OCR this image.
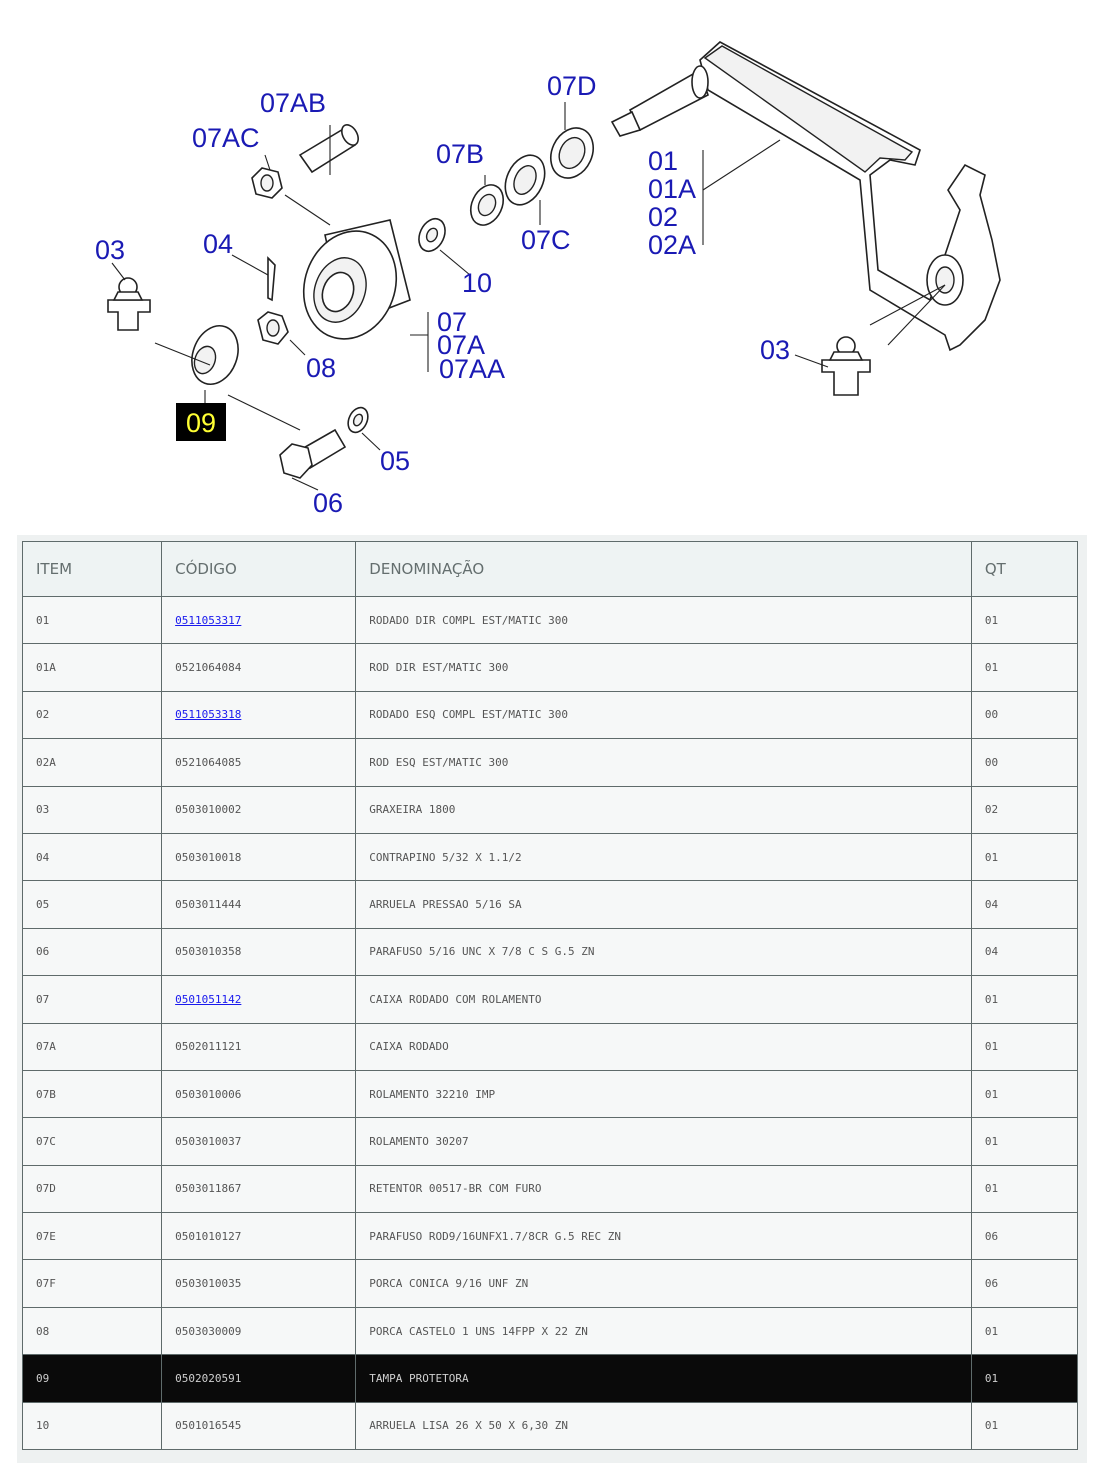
01
01A
02
02A
03
03
04
05
06
07
07A
07AA
07AB
07AC
07B
07C
07D
08
09
10
ITEM	CÓDIGO	DENOMINAÇÃO	QT
01	0511053317	RODADO DIR COMPL EST/MATIC 300	01
01A	0521064084	ROD DIR EST/MATIC 300	01
02	0511053318	RODADO ESQ COMPL EST/MATIC 300	00
02A	0521064085	ROD ESQ EST/MATIC 300	00
03	0503010002	GRAXEIRA 1800	02
04	0503010018	CONTRAPINO 5/32 X 1.1/2	01
05	0503011444	ARRUELA PRESSAO 5/16 SA	04
06	0503010358	PARAFUSO 5/16 UNC X 7/8 C S G.5 ZN	04
07	0501051142	CAIXA RODADO COM ROLAMENTO	01
07A	0502011121	CAIXA RODADO	01
07B	0503010006	ROLAMENTO 32210 IMP	01
07C	0503010037	ROLAMENTO 30207	01
07D	0503011867	RETENTOR 00517-BR COM FURO	01
07E	0501010127	PARAFUSO ROD9/16UNFX1.7/8CR G.5 REC ZN	06
07F	0503010035	PORCA CONICA 9/16 UNF ZN	06
08	0503030009	PORCA CASTELO 1 UNS 14FPP X 22 ZN	01
09	0502020591	TAMPA PROTETORA	01
10	0501016545	ARRUELA LISA 26 X 50 X 6,30 ZN	01
